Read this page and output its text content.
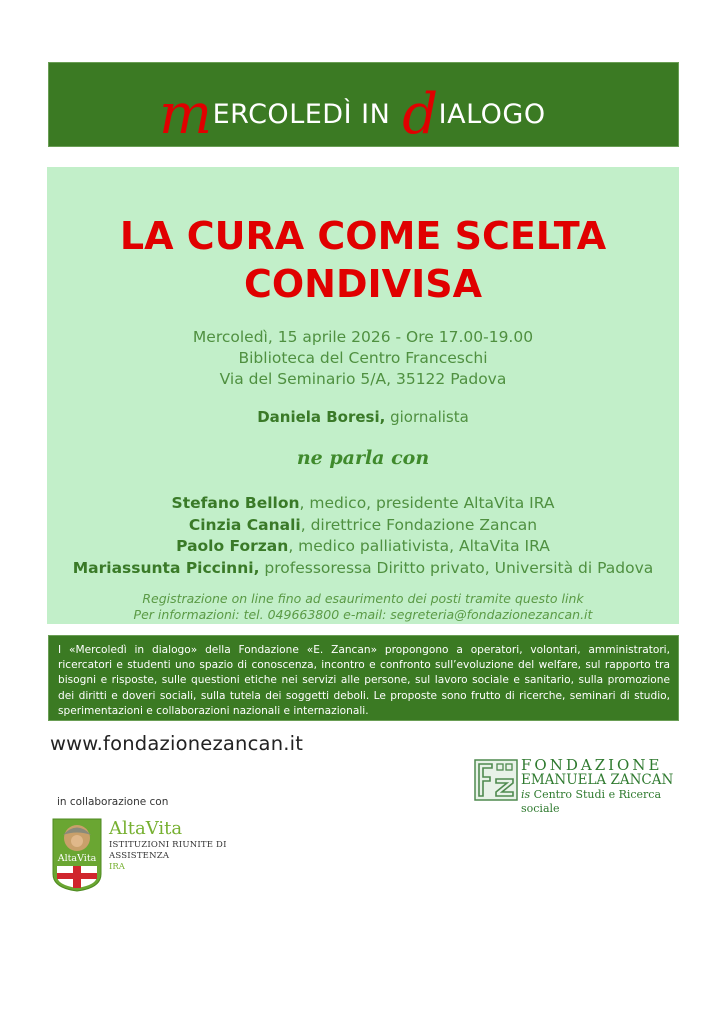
mERCOLEDÌ IN dIALOGO
LA CURA COME SCELTA
CONDIVISA
Mercoledì, 15 aprile 2026 - Ore 17.00-19.00
Biblioteca del Centro Franceschi
Via del Seminario 5/A, 35122 Padova
Daniela Boresi, giornalista
ne parla con
Stefano Bellon, medico, presidente AltaVita IRA
Cinzia Canali, direttrice Fondazione Zancan
Paolo Forzan, medico palliativista, AltaVita IRA
Mariassunta Piccinni, professoressa Diritto privato, Università di Padova
Registrazione on line fino ad esaurimento dei posti tramite questo link
Per informazioni: tel. 049663800 e-mail: segreteria@fondazionezancan.it

I «Mercoledì in dialogo» della Fondazione «E. Zancan» propongono a operatori, volontari, amministratori, ricercatori e studenti uno spazio di conoscenza, incontro e confronto sull’evoluzione del welfare, sul rapporto tra bisogni e risposte, sulle questioni etiche nei servizi alle persone, sul lavoro sociale e sanitario, sulla promozione dei diritti e doveri sociali, sulla tutela dei soggetti deboli. Le proposte sono frutto di ricerche, seminari di studio, sperimentazioni e collaborazioni nazionali e internazionali.

www.fondazionezancan.it
in collaborazione con
FONDAZIONE
EMANUELA ZANCAN
is Centro Studi e Ricerca sociale
AltaVita
AltaVita
ISTITUZIONI RIUNITE DI ASSISTENZA
IRA
